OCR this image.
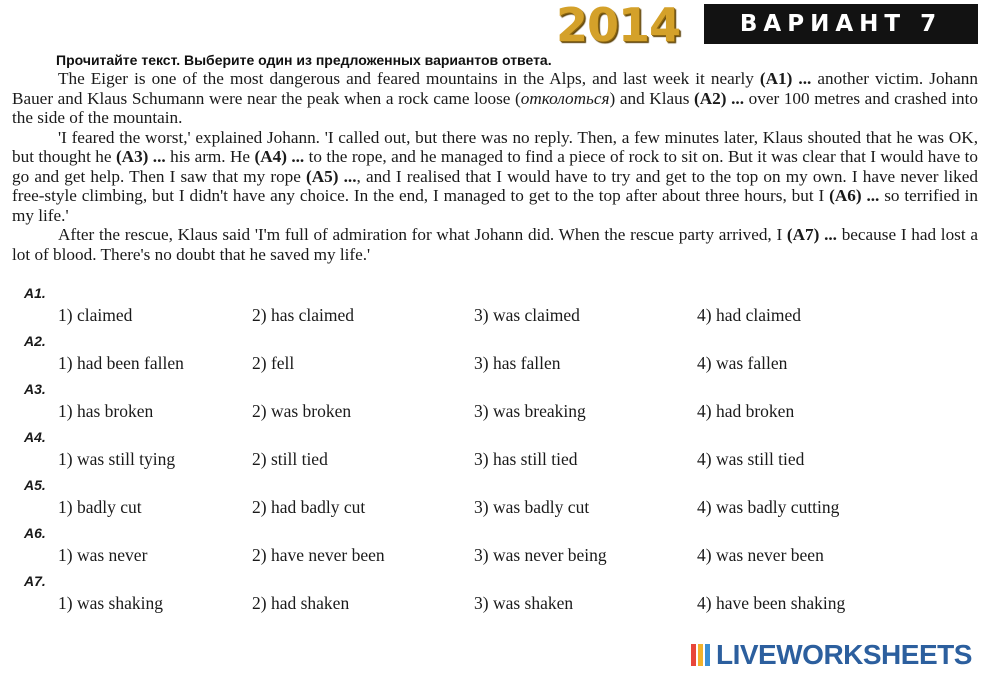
2014	ВАРИАНТ 7
Прочитайте текст. Выберите один из предложенных вариантов ответа.

The Eiger is one of the most dangerous and feared mountains in the Alps, and last week it nearly (A1) ... another victim. Johann Bauer and Klaus Schumann were near the peak when a rock came loose (отколоться) and Klaus (A2) ... over 100 metres and crashed into the side of the mountain.

'I feared the worst,' explained Johann. 'I called out, but there was no reply. Then, a few minutes later, Klaus shouted that he was OK, but thought he (A3) ... his arm. He (A4) ... to the rope, and he managed to find a piece of rock to sit on. But it was clear that I would have to go and get help. Then I saw that my rope (A5) ..., and I realised that I would have to try and get to the top on my own. I have never liked free-style climbing, but I didn't have any choice. In the end, I managed to get to the top after about three hours, but I (A6) ... so terrified in my life.'

After the rescue, Klaus said 'I'm full of admiration for what Johann did. When the rescue party arrived, I (A7) ... because I had lost a lot of blood. There's no doubt that he saved my life.'

A1.
1) claimed	2) has claimed	3) was claimed	4) had claimed
A2.
1) had been fallen	2) fell	3) has fallen	4) was fallen
A3.
1) has broken	2) was broken	3) was breaking	4) had broken
A4.
1) was still tying	2) still tied	3) has still tied	4) was still tied
A5.
1) badly cut	2) had badly cut	3) was badly cut	4) was badly cutting
A6.
1) was never	2) have never been	3) was never being	4) was never been
A7.
1) was shaking	2) had shaken	3) was shaken	4) have been shaking
LIVEWORKSHEETS
